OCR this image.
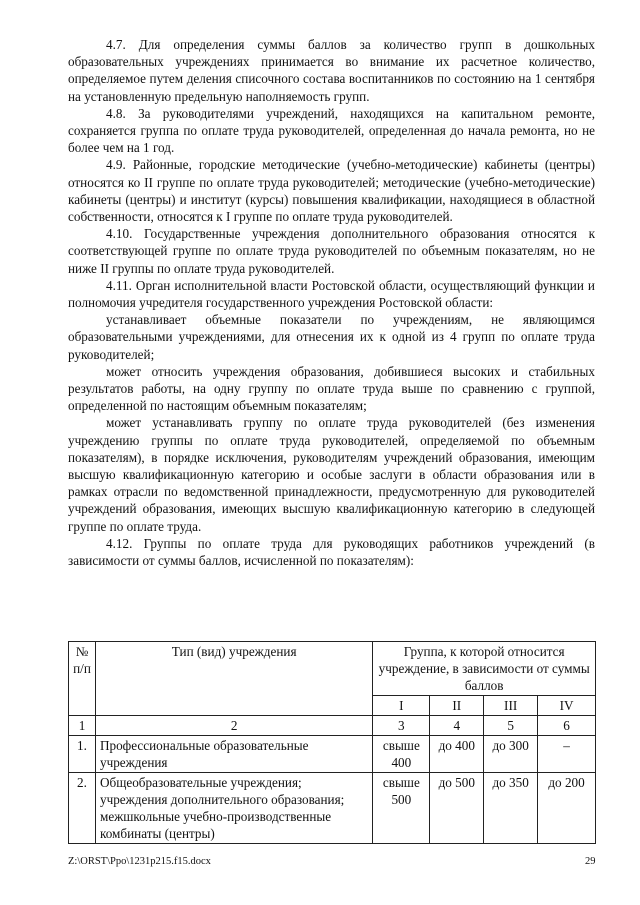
4.7. Для определения суммы баллов за количество групп в дошкольных образовательных учреждениях принимается во внимание их расчетное количество, определяемое путем деления списочного состава воспитанников по состоянию на 1 сентября на установленную предельную наполняемость групп.

4.8. За руководителями учреждений, находящихся на капитальном ремонте, сохраняется группа по оплате труда руководителей, определенная до начала ремонта, но не более чем на 1 год.

4.9. Районные, городские методические (учебно-методические) кабинеты (центры) относятся ко II группе по оплате труда руководителей; методические (учебно-методические) кабинеты (центры) и институт (курсы) повышения квалификации, находящиеся в областной собственности, относятся к I группе по оплате труда руководителей.

4.10. Государственные учреждения дополнительного образования относятся к соответствующей группе по оплате труда руководителей по объемным показателям, но не ниже II группы по оплате труда руководителей.

4.11. Орган исполнительной власти Ростовской области, осуществляющий функции и полномочия учредителя государственного учреждения Ростовской области:

устанавливает объемные показатели по учреждениям, не являющимся образовательными учреждениями, для отнесения их к одной из 4 групп по оплате труда руководителей;

может относить учреждения образования, добившиеся высоких и стабильных результатов работы, на одну группу по оплате труда выше по сравнению с группой, определенной по настоящим объемным показателям;

может устанавливать группу по оплате труда руководителей (без изменения учреждению группы по оплате труда руководителей, определяемой по объемным показателям), в порядке исключения, руководителям учреждений образования, имеющим высшую квалификационную категорию и особые заслуги в области образования или в рамках отрасли по ведомственной принадлежности, предусмотренную для руководителей учреждений образования, имеющих высшую квалификационную категорию в следующей группе по оплате труда.

4.12. Группы по оплате труда для руководящих работников учреждений (в зависимости от суммы баллов, исчисленной по показателям):

№ п/п	Тип (вид) учреждения	Группа, к которой относится учреждение, в зависимости от суммы баллов			
		I	II	III	IV
1	2	3	4	5	6
1.	Профессиональные образовательные учреждения	свыше 400	до 400	до 300	–
2.	Общеобразовательные учреждения; учреждения дополнительного образования; межшкольные учебно-производственные комбинаты (центры)	свыше 500	до 500	до 350	до 200
Z:\ORST\Ppo\1231p215.f15.docx	29
